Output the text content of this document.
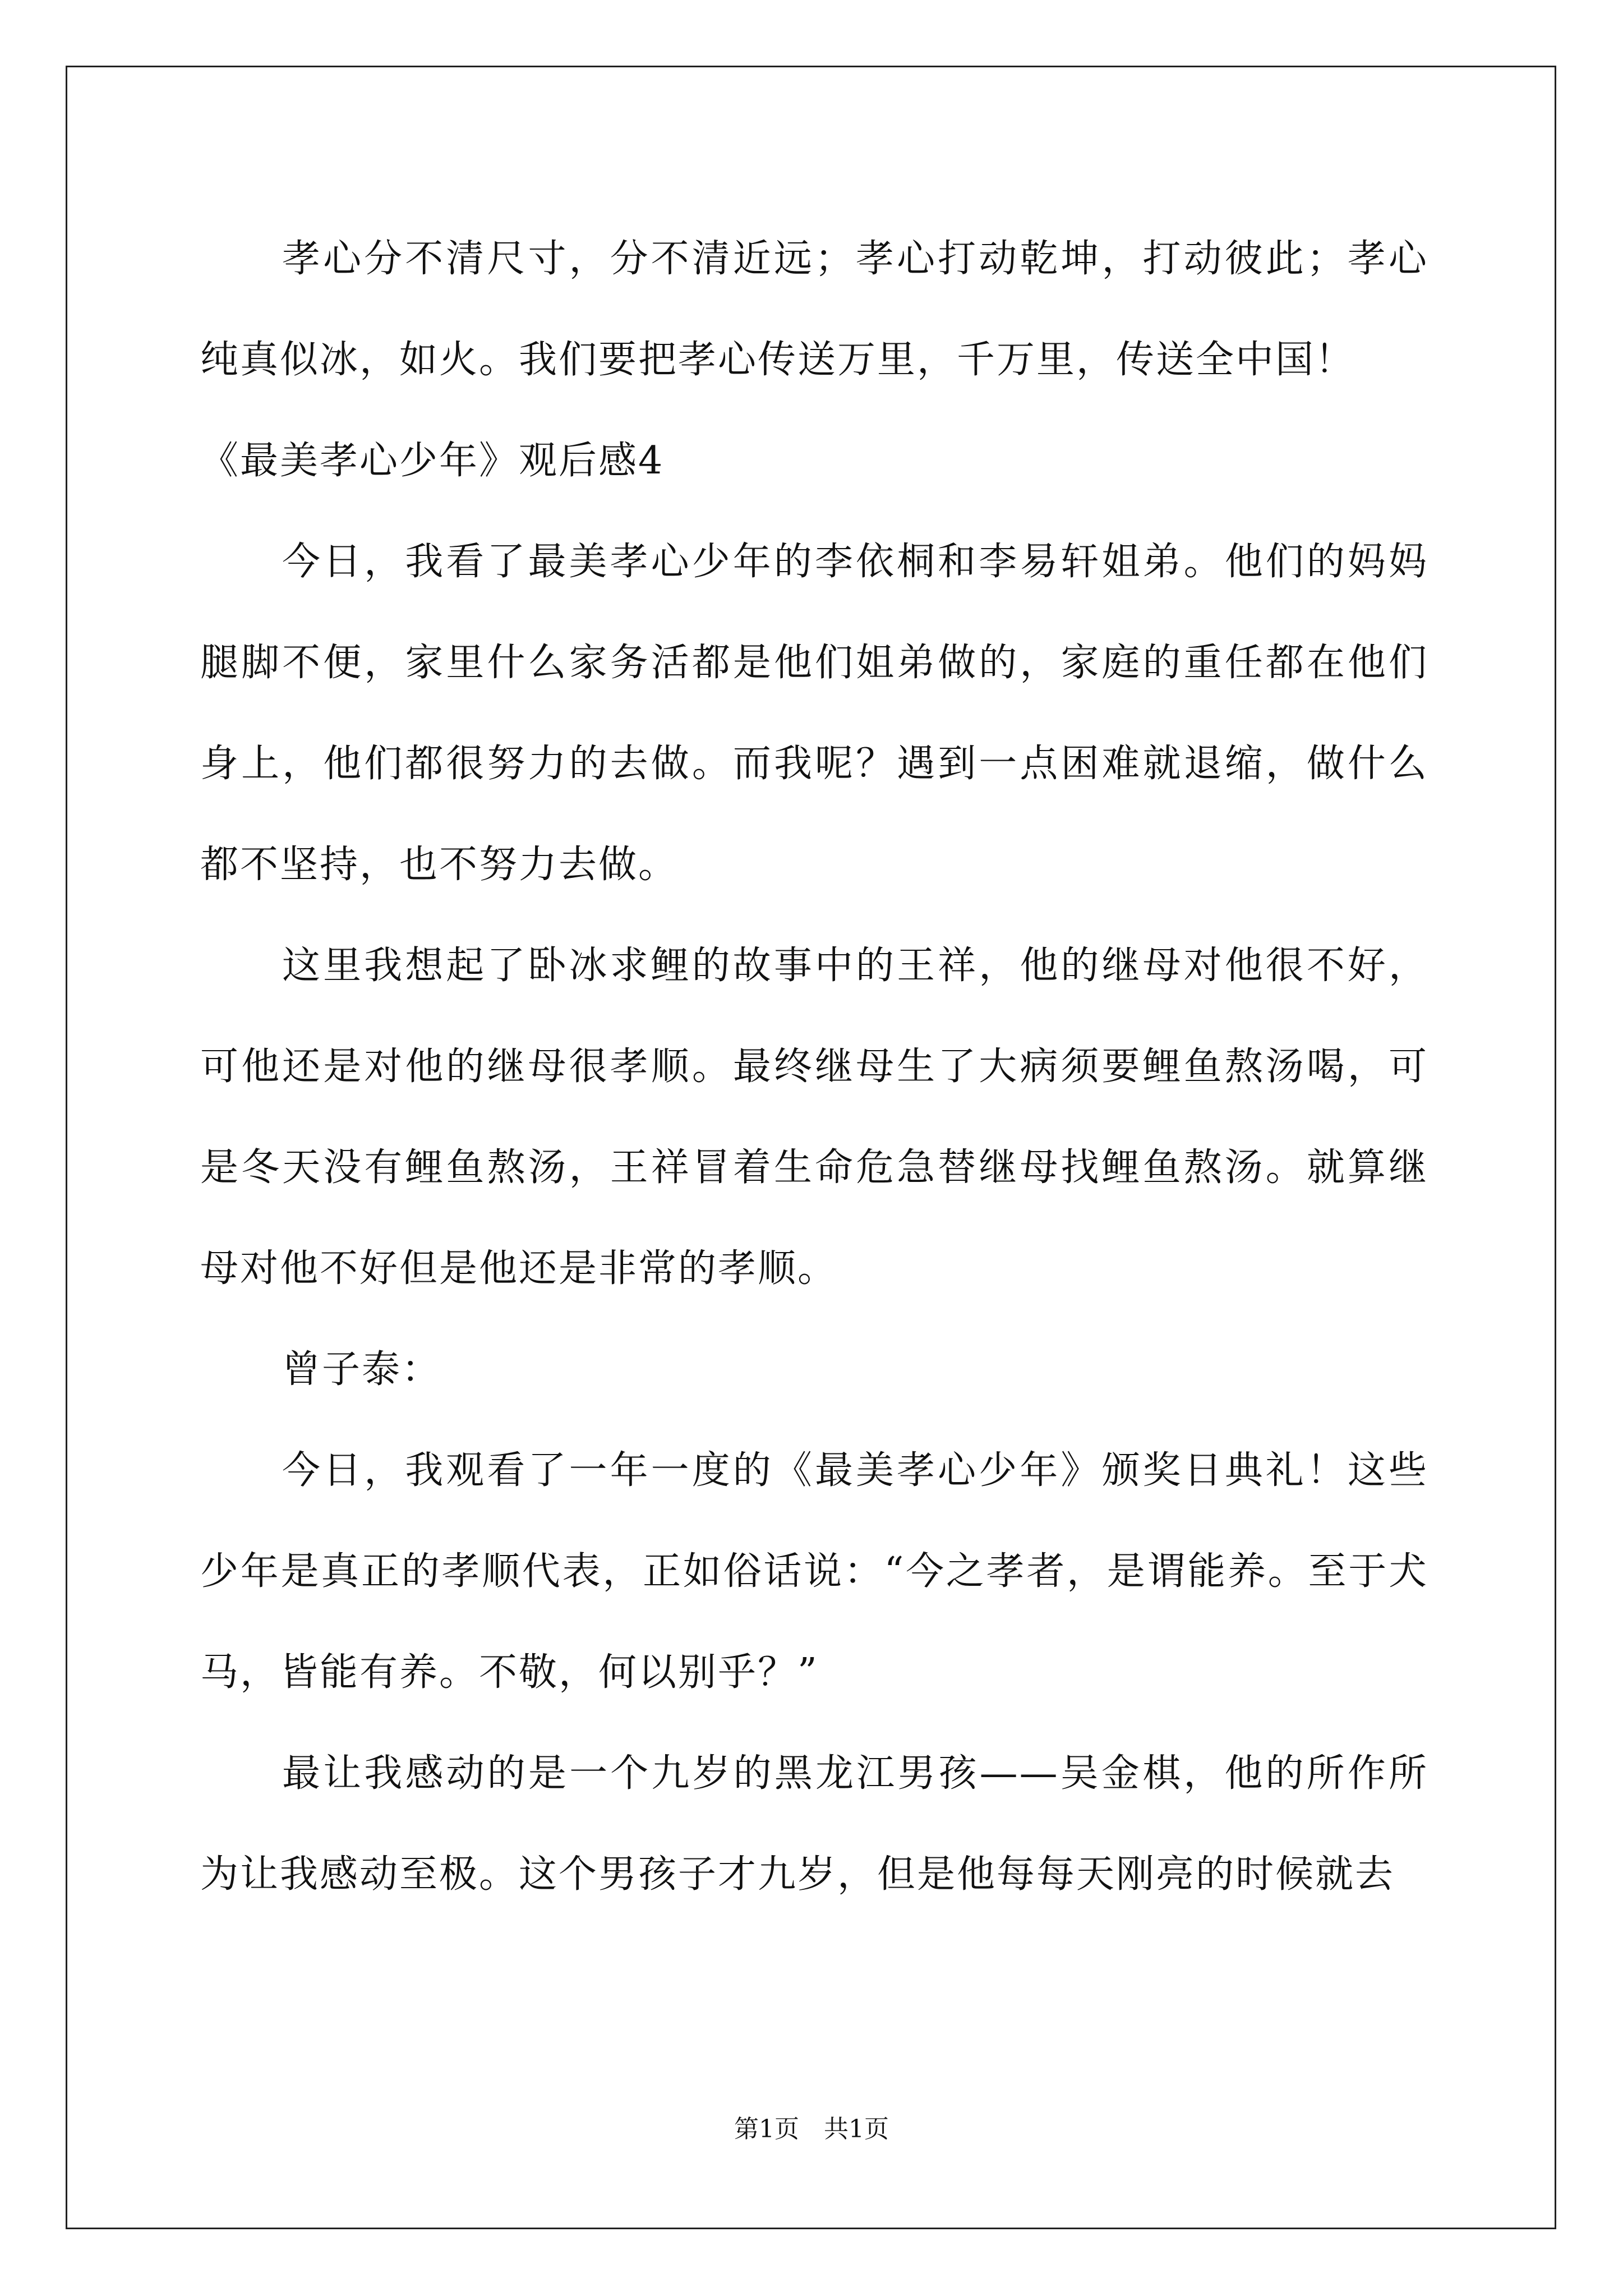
孝心分不清尺寸，分不清近远；孝心打动乾坤，打动彼此；孝心纯真似冰，如火。我们要把孝心传送万里，千万里，传送全中国！

《最美孝心少年》观后感4

今日，我看了最美孝心少年的李依桐和李易轩姐弟。他们的妈妈腿脚不便，家里什么家务活都是他们姐弟做的，家庭的重任都在他们身上，他们都很努力的去做。而我呢？遇到一点困难就退缩，做什么都不坚持，也不努力去做。

这里我想起了卧冰求鲤的故事中的王祥，他的继母对他很不好，可他还是对他的继母很孝顺。最终继母生了大病须要鲤鱼熬汤喝，可是冬天没有鲤鱼熬汤，王祥冒着生命危急替继母找鲤鱼熬汤。就算继母对他不好但是他还是非常的孝顺。

曾子泰：

今日，我观看了一年一度的《最美孝心少年》颁奖日典礼！这些少年是真正的孝顺代表，正如俗话说：“今之孝者，是谓能养。至于犬马，皆能有养。不敬，何以别乎？”

最让我感动的是一个九岁的黑龙江男孩——吴金棋，他的所作所为让我感动至极。这个男孩子才九岁，但是他每每天刚亮的时候就去

第1页　共1页
